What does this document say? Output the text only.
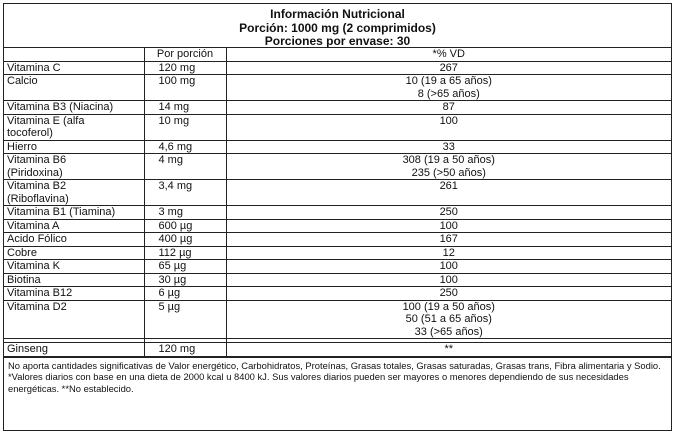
Información Nutricional
Porción: 1000 mg (2 comprimidos)
Porciones por envase: 30
	Por porción	*% VD

Vitamina C	120 mg	267

Calcio	100 mg	10 (19 a 65 años)
8 (>65 años)

Vitamina B3 (Niacina)	14 mg	87

Vitamina E (alfa
tocoferol)	10 mg	100

Hierro	4,6 mg	33

Vitamina B6
(Piridoxina)	4 mg	308 (19 a 50 años)
235 (>50 años)

Vitamina B2
(Riboflavina)	3,4 mg	261

Vitamina B1 (Tiamina)	3 mg	250

Vitamina A	600 µg	100

Acido Fólico	400 µg	167

Cobre	112 µg	12

Vitamina K	65 µg	100

Biotina	30 µg	100

Vitamina B12	6 µg	250

Vitamina D2	5 µg	100 (19 a 50 años)
50 (51 a 65 años)
33 (>65 años)

Ginseng	120 mg	**
No aporta cantidades significativas de Valor energético, Carbohidratos, Proteínas, Grasas totales, Grasas saturadas, Grasas trans, Fibra alimentaria y Sodio. *Valores diarios con base en una dieta de 2000 kcal u 8400 kJ. Sus valores diarios pueden ser mayores o menores dependiendo de sus necesidades energéticas. **No establecido.
